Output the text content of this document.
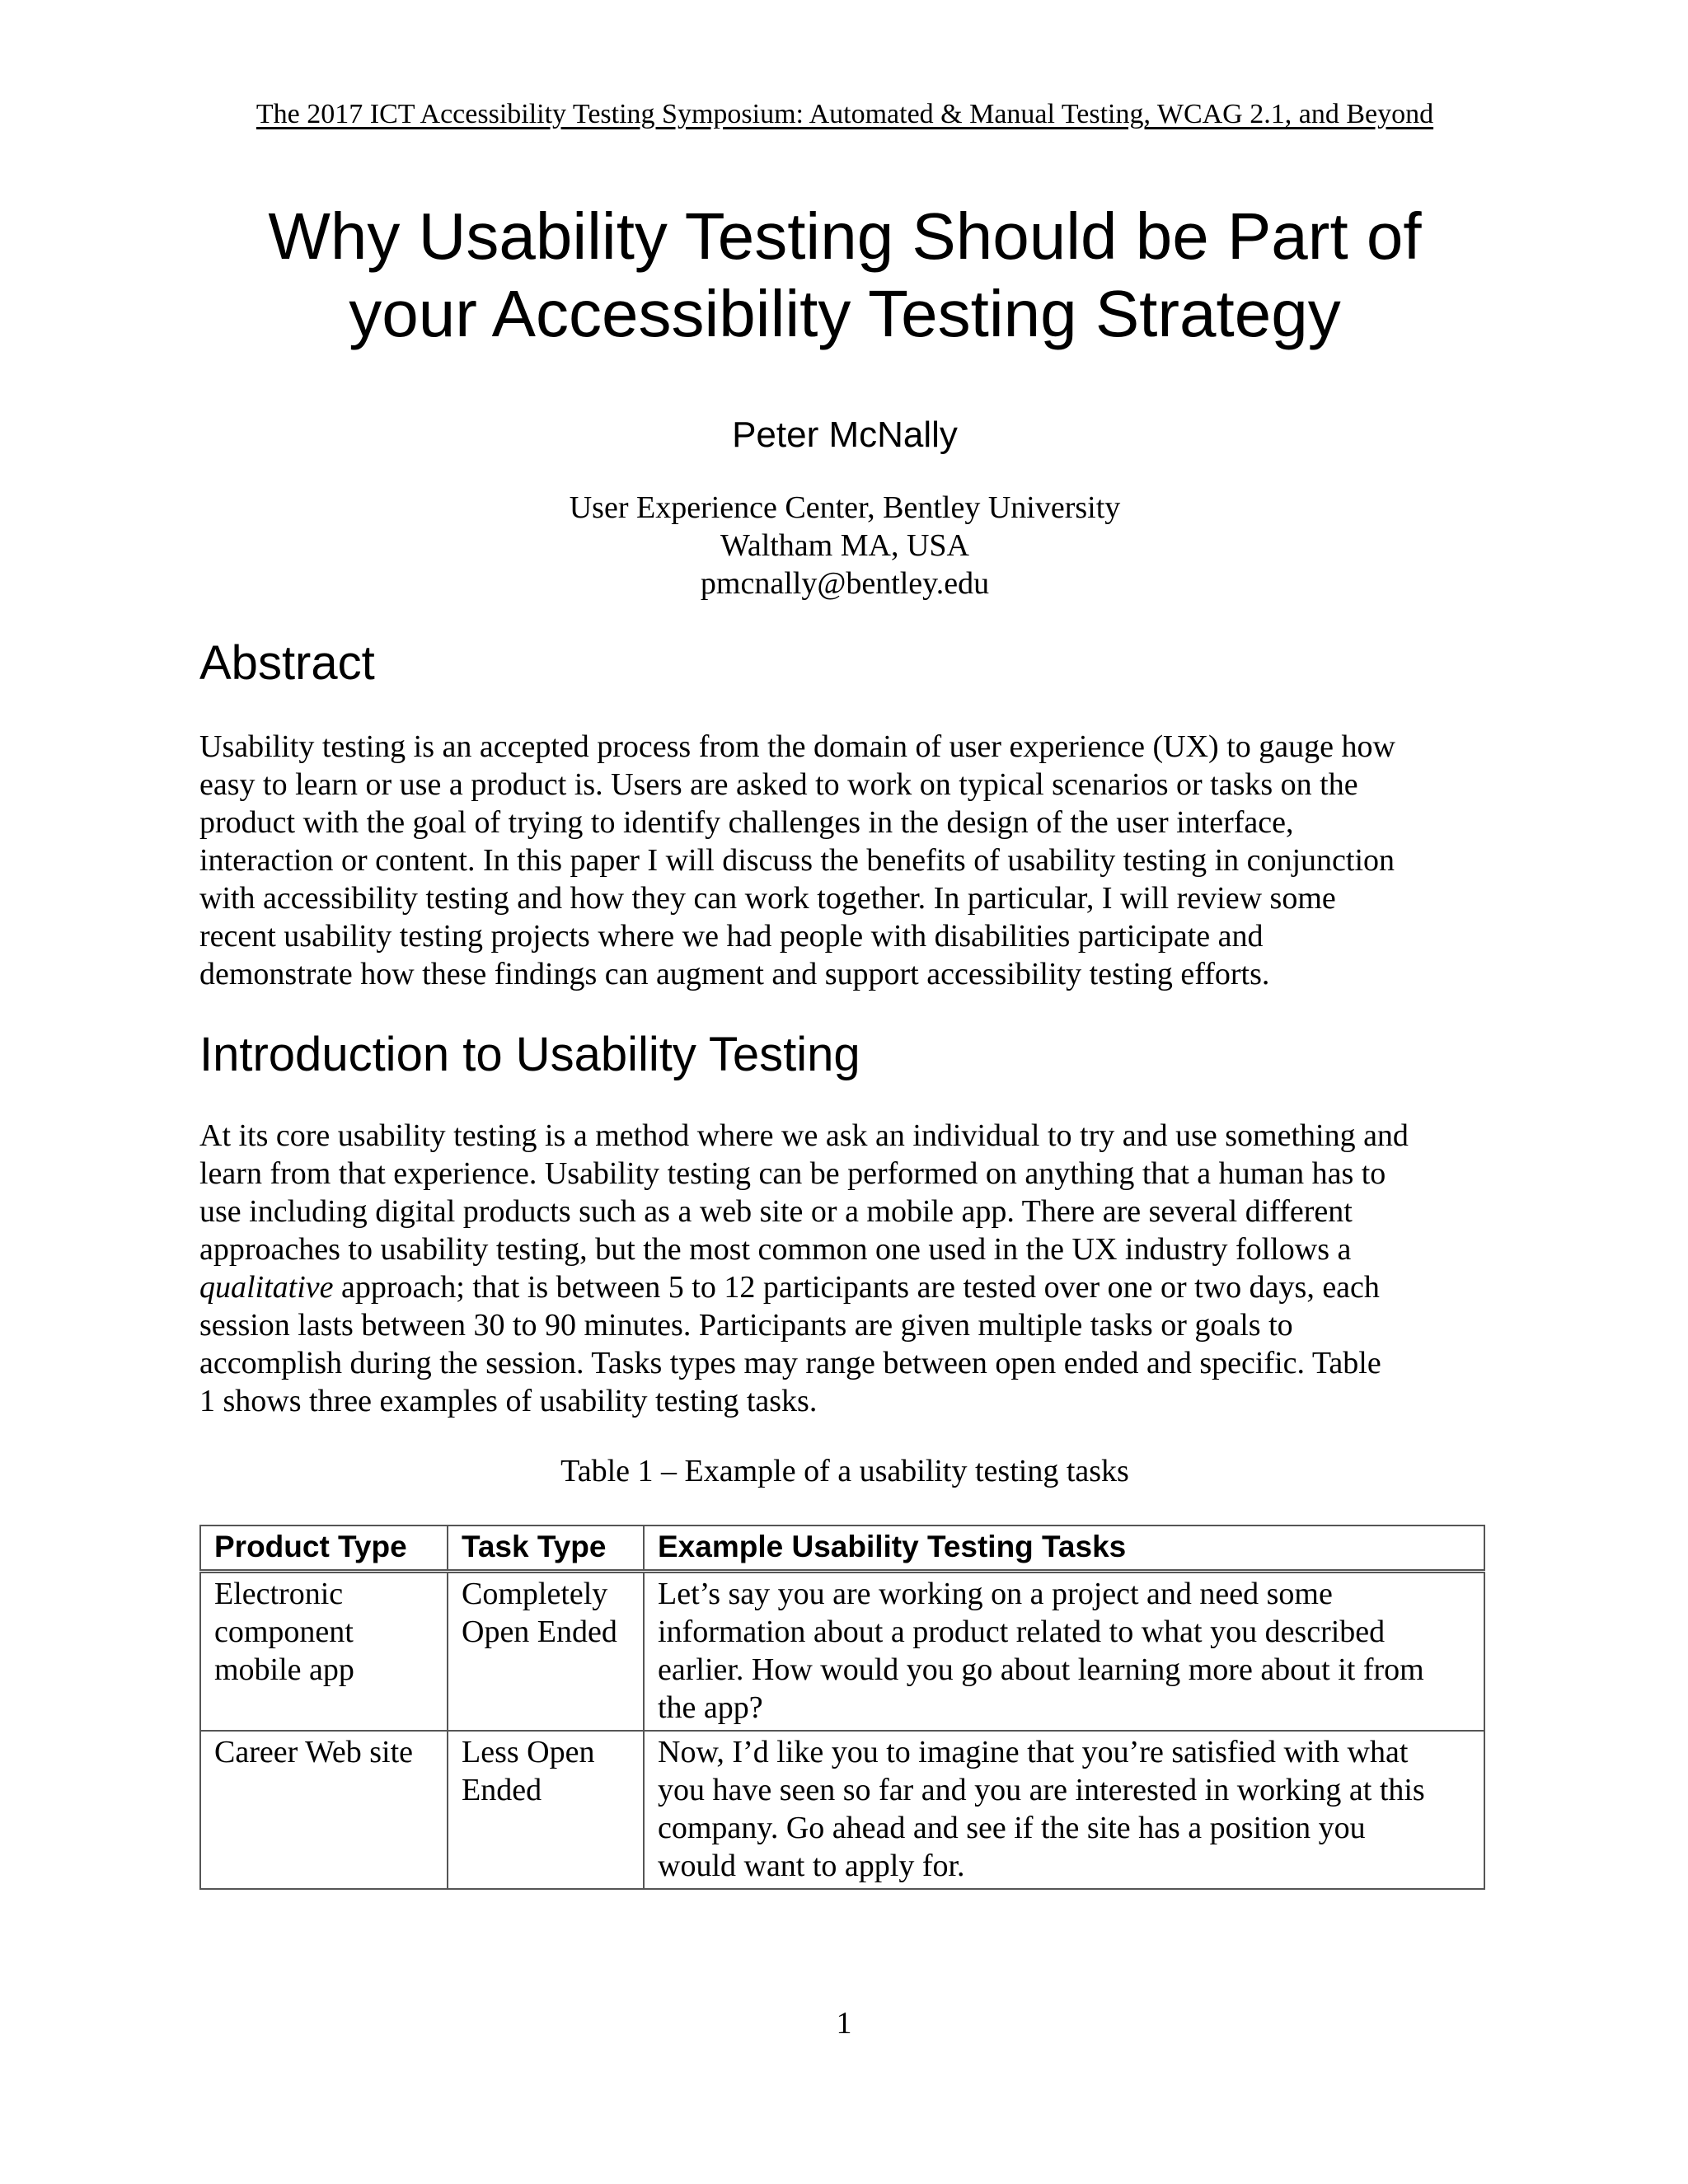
The 2017 ICT Accessibility Testing Symposium: Automated & Manual Testing, WCAG 2.1, and Beyond
Why Usability Testing Should be Part of
your Accessibility Testing Strategy
Peter McNally
User Experience Center, Bentley University
Waltham MA, USA
pmcnally@bentley.edu
Abstract

Usability testing is an accepted process from the domain of user experience (UX) to gauge how
easy to learn or use a product is. Users are asked to work on typical scenarios or tasks on the
product with the goal of trying to identify challenges in the design of the user interface,
interaction or content. In this paper I will discuss the benefits of usability testing in conjunction
with accessibility testing and how they can work together. In particular, I will review some
recent usability testing projects where we had people with disabilities participate and
demonstrate how these findings can augment and support accessibility testing efforts.

Introduction to Usability Testing

At its core usability testing is a method where we ask an individual to try and use something and
learn from that experience. Usability testing can be performed on anything that a human has to
use including digital products such as a web site or a mobile app. There are several different
approaches to usability testing, but the most common one used in the UX industry follows a
qualitative approach; that is between 5 to 12 participants are tested over one or two days, each
session lasts between 30 to 90 minutes. Participants are given multiple tasks or goals to
accomplish during the session. Tasks types may range between open ended and specific. Table
1 shows three examples of usability testing tasks.

Table 1 – Example of a usability testing tasks
Product Type	Task Type	Example Usability Testing Tasks

Electronic
component
mobile app	Completely
Open Ended	Let’s say you are working on a project and need some
information about a product related to what you described
earlier. How would you go about learning more about it from
the app?

Career Web site	Less Open
Ended	Now, I’d like you to imagine that you’re satisfied with what
you have seen so far and you are interested in working at this
company. Go ahead and see if the site has a position you
would want to apply for.
1
